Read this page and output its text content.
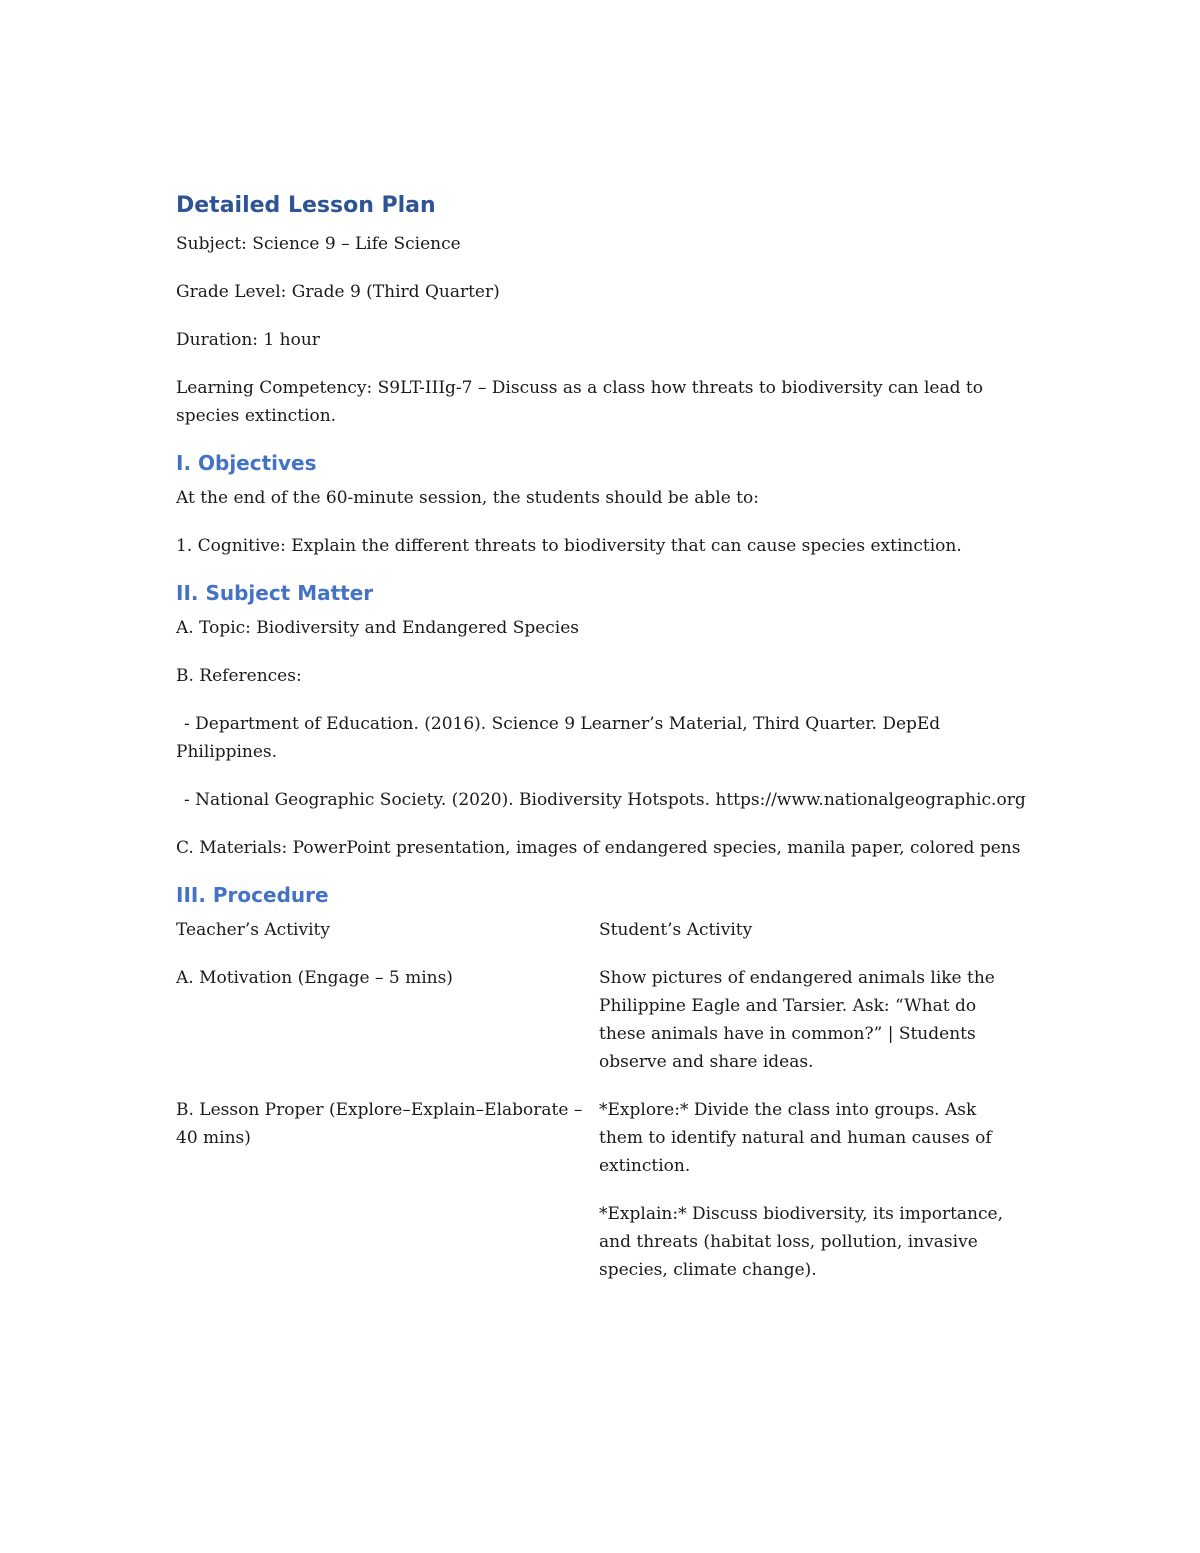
Detailed Lesson Plan

Subject: Science 9 – Life Science

Grade Level: Grade 9 (Third Quarter)

Duration: 1 hour

Learning Competency: S9LT-IIIg-7 – Discuss as a class how threats to biodiversity can lead to species extinction.

I. Objectives

At the end of the 60-minute session, the students should be able to:

1. Cognitive: Explain the different threats to biodiversity that can cause species extinction.

II. Subject Matter

A. Topic: Biodiversity and Endangered Species

B. References:

- Department of Education. (2016). Science 9 Learner’s Material, Third Quarter. DepEd Philippines.

- National Geographic Society. (2020). Biodiversity Hotspots. https://www.nationalgeographic.org

C. Materials: PowerPoint presentation, images of endangered species, manila paper, colored pens

III. Procedure

Teacher’s Activity	Student’s Activity

A. Motivation (Engage – 5 mins)	Show pictures of endangered animals like the Philippine Eagle and Tarsier. Ask: “What do these animals have in common?” | Students observe and share ideas.

B. Lesson Proper (Explore–Explain–Elaborate – 40 mins)

*Explore:* Divide the class into groups. Ask them to identify natural and human causes of extinction.

*Explain:* Discuss biodiversity, its importance, and threats (habitat loss, pollution, invasive species, climate change).
